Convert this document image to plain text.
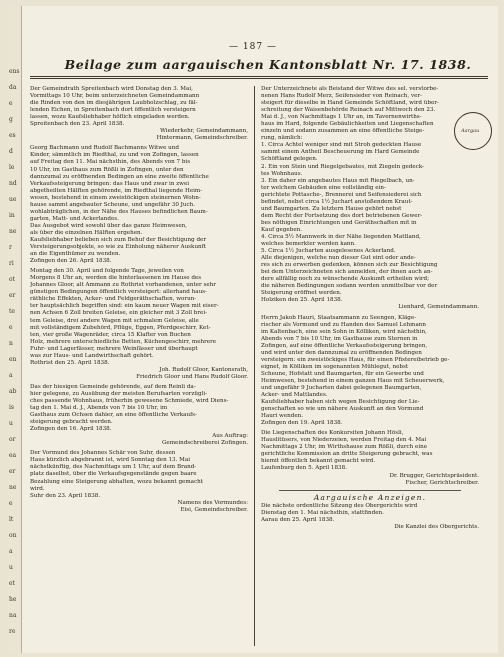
ens
da
e
g
es
d
le
nd
ue
in
ne
r
ri
ot
er
te
e
n
en
a
ab
is
u
or
ea
er
ne
e
lt
on
a
u
et
he
na
re
— 187 —
Beilage zum aargauischen Kantonsblatt Nr. 17. 1838.

Der Gemeindrath Spreitenbach wird Donstag den 3. Mai,

Vormittags 10 Uhr, beim unterzeichneten Gemeindammann

die Rinden von den im diesjährigen Laubholzschlag, zu fäl-

lenden Eichen, in Spreitenbach dort öffentlich versteigern

lassen, wozu Kaufsliebhaber höflich eingeladen werden.

Spreitenbach den 23. April 1838.

Wiederkehr, Gemeindammann,

Hintermann, Gemeindschreiber.

Georg Bachmann und Rudolf Bachmanns Witwe und

Kinder, sämmtlich im Riedthal, zu und von Zofingen, lassen

auf Freitag den 11. Mai nächsthin, des Abends von 7 bis

10 Uhr, im Gasthaus zum Rößli in Zofingen, unter den

dannzumal zu eröffnenden Bedingen an eine zweite öffentliche

Verkaufssteigerung bringen: das Haus und zwar in zwei

abgetheilten Hälften gehörende, im Riedthal liegende Heim-

wesen, bestehend in einem zweistöckigen steinernen Wohn-

hause sammt angebauter Scheune, und ungefähr 30 Juch.

wohlabträglichen, in der Nähe des Hauses befindlichen Baum-

garten, Matt- und Ackerlandes.

Das Ausgebot wird sowohl über das ganze Heimwesen,

als über die einzelnen Hälften ergehen.

Kaufsliebhaber belieben sich zum Behuf der Besichtigung der

Versteigerungsobjekte, so wie zu Einholung näherer Auskunft

an die Eigenthümer zu wenden.

Zofingen den 26. April 1838.

Montag den 30. April und folgende Tage, jeweilen von

Morgens 8 Uhr an, werden die hinterlassenen im Hause des

Johannes Gloor, alt Ammann zu Rothrist vorhandenen, unter sehr

günstigen Bedingungen öffentlich versteigert: allerhand haus-

räthliche Effekten, Acker- und Feldgeräthschaften, worun-

ter hauptsächlich begriffen sind: ein kaum neuer Wagen mit eiser-

nen Achsen 6 Zoll breiten Geleise, ein gleicher mit 3 Zoll brei-

tem Geleise, drei andere Wagen mit schmalem Geleise, alle

mit vollständigem Zubehörd, Pflüge, Eggen, Pferdgeschirr, Ket-

ten, vier große Wagenräder, circa 15 Klafter von Buchen

Holz, mehrere unterschiedliche Betten, Küchengeschirr, mehrere

Fuhr- und Lagerfässer, mehrere Weinfässer und überhaupt

was zur Haus- und Landwirthschaft gehört.

Rothrist den 25. April 1838.

Joh. Rudolf Gloor, Kantonsrath,

Friedrich Gloor und Hans Rudolf Gloor.

Das der hiesigen Gemeinde gehörende, auf dem Reinli da-

hier gelegene, zu Ausübung der meisten Berufsarten vorzügli-

ches passende Wohnhaus, früherhin gewesene Schmiede, wird Diens-

tag den 1. Mai d. J., Abends von 7 bis 10 Uhr, im

Gasthaus zum Ochsen dahier, an eine öffentliche Verkaufs-

steigerung gebracht werden.

Zofingen den 16. April 1838.

Aus Auftrag:

Gemeindschreiberei Zofingen.

Der Vormund des Johannes Schär von Suhr, dessen

Haus kürzlich abgebrannt ist, wird Sonntag den 13. Mai

nächstkünftig, des Nachmittags um 1 Uhr, auf dem Brand-

platz daselbst, über die Verkaufsgegenstände gegen baare

Bezahlung eine Steigerung abhalten, wozu bekannt gemacht

wird.

Suhr den 23. April 1838.

Namens des Vormundes:

Eisi, Gemeindschreiber.

Der Unterzeichnete als Beistand der Witwe des sel. verstorbe-

nenen Hans Rudolf Merz, Seifensieder von Reinach, ver-

steigert für dieselbe in Hand Gemeinde Schöftland, wird über-

schreitung der Waisenbehörde Reinach auf Mittwoch den 23.

Mai d. J., von Nachmittags 1 Uhr an, im Tavernenwirths-

haus im Hard, folgende Gebäulichkeiten und Liegenschaften

einzeln und sodann zusammen an eine öffentliche Steige-

rung, nämlich:

1. Circa Achtel weniger sind mit Stroh gedeckten Hause

sammt einem Antheil Bescheuerung im Hard Gemeinde

Schöftland gelegen.

2. Ein von Stein und Riegelgebautes, mit Ziegeln gedeck-

tes Wohnhaus.

3. Ein daher ein angebautes Haus mit Riegelbach, un-

ter welchem Gebäuden eine vollständig ein-

gerichtete Pottasche-, Brennerei und Seifensiederei sich

befindet, nebst circa 1½ Juchart anstoßendem Kraut-

und Baumgarten. Zu letztern Hause gehört nebst

dem Recht der Fortsetzung des dort betriebenen Gewer-

bes nöthigen Einrichtungen und Geräthschaften mit in

Kauf gegeben.

4. Circa 5½ Mannwerk in der Nähe liegenden Mattland,

welches bemerkter werden kann.

5. Circa 1½ Jucharten ausgelesenes Ackerland.

Alle diejenigen, welche nun dieser Gut eint oder ande-

res sich zu erwerben gedenken, können sich zur Besichtigung

bei dem Unterzeichneten sich anmelden, der ihnen auch an-

dere allfällig noch zu wünschende Auskunft ertheilen wird;

die näheren Bedingungen sodann werden unmittelbar vor der

Steigerung eröffnet werden.

Holziken den 25. April 1838.

Lienhard, Gemeindammann.

Herrn Jakob Hauri, Staatsammann zu Seengen, Kläge-

rischer als Vormund und zu Handen des Samuel Lehmann

im Kaltenbach, eine sein Sohn in Kölliken, wird nächsthin,

Abends von 7 bis 10 Uhr, im Gasthause zum Sternen in

Zofingen, auf eine öffentliche Verkaufssteigerung bringen,

und wird unter den dannzumal zu eröffnenden Bedingen

versteigern: ein zweistöckiges Haus, für einen Pfistereibetrieb ge-

eignet, in Kölliken im sogenannten Mühlegut, nebst

Scheune, Hofstatt und Baumgarten, für ein Gewerbe und

Heimwesen, bestehend in einem ganzen Haus mit Scheuerwerk,

und ungefähr 9 Jucharten dabei gelegenen Baumgarten,

Acker- und Mattlandes.

Kaufsliebhaber haben sich wegen Besichtigung der Lie-

genschaften so wie um nähere Auskunft an den Vormund

Hauri wenden.

Zofingen den 19. April 1838.

Die Liegenschaften des Konkursiten Johann Hösli,

Hauslitüsers, von Niederzeien, werden Freitag den 4. Mai

Nachmittags 2 Uhr, im Wirthshause zum Rößli, durch eine

gerichtliche Kommission an dritte Steigerung gebracht, was

hiemit öffentlich bekannt gemacht wird.

Laufenburg den 5. April 1838.

Dr. Brugger, Gerichtspräsident.

Fischer, Gerichtschreiber.

Aargauische Anzeigen.

Die nächste ordentliche Sitzung des Obergerichts wird

Dienstag den 1. Mai nächsthin, stattfinden.

Aarau den 25. April 1838.

Die Kanzlei des Obergerichts.

Aargau
